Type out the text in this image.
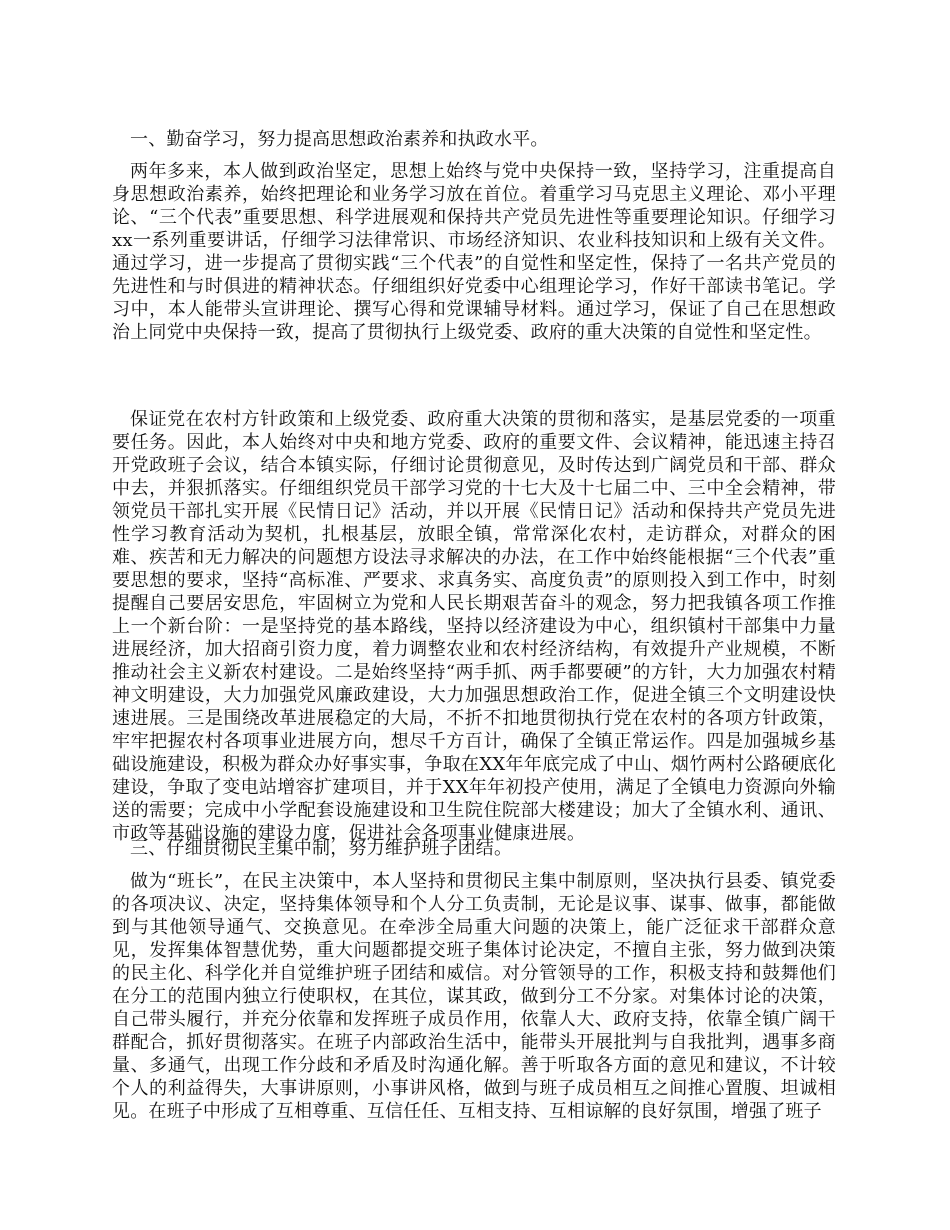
一、勤奋学习，努力提高思想政治素养和执政水平。

两年多来，本人做到政治坚定，思想上始终与党中央保持一致，坚持学习，注重提高自身思想政治素养，始终把理论和业务学习放在首位。着重学习马克思主义理论、邓小平理论、“三个代表”重要思想、科学进展观和保持共产党员先进性等重要理论知识。仔细学习xx一系列重要讲话，仔细学习法律常识、市场经济知识、农业科技知识和上级有关文件。通过学习，进一步提高了贯彻实践“三个代表”的自觉性和坚定性，保持了一名共产党员的先进性和与时俱进的精神状态。仔细组织好党委中心组理论学习，作好干部读书笔记。学习中，本人能带头宣讲理论、撰写心得和党课辅导材料。通过学习，保证了自己在思想政治上同党中央保持一致，提高了贯彻执行上级党委、政府的重大决策的自觉性和坚定性。

保证党在农村方针政策和上级党委、政府重大决策的贯彻和落实，是基层党委的一项重要任务。因此，本人始终对中央和地方党委、政府的重要文件、会议精神，能迅速主持召开党政班子会议，结合本镇实际，仔细讨论贯彻意见，及时传达到广阔党员和干部、群众中去，并狠抓落实。仔细组织党员干部学习党的十七大及十七届二中、三中全会精神，带领党员干部扎实开展《民情日记》活动，并以开展《民情日记》活动和保持共产党员先进性学习教育活动为契机，扎根基层，放眼全镇，常常深化农村，走访群众，对群众的困难、疾苦和无力解决的问题想方设法寻求解决的办法，在工作中始终能根据“三个代表”重要思想的要求，坚持“高标准、严要求、求真务实、高度负责”的原则投入到工作中，时刻提醒自己要居安思危，牢固树立为党和人民长期艰苦奋斗的观念，努力把我镇各项工作推上一个新台阶：一是坚持党的基本路线，坚持以经济建设为中心，组织镇村干部集中力量进展经济，加大招商引资力度，着力调整农业和农村经济结构，有效提升产业规模，不断推动社会主义新农村建设。二是始终坚持“两手抓、两手都要硬”的方针，大力加强农村精神文明建设，大力加强党风廉政建设，大力加强思想政治工作，促进全镇三个文明建设快速进展。三是围绕改革进展稳定的大局，不折不扣地贯彻执行党在农村的各项方针政策，牢牢把握农村各项事业进展方向，想尽千方百计，确保了全镇正常运作。四是加强城乡基础设施建设，积极为群众办好事实事，争取在XX年年底完成了中山、烟竹两村公路硬底化建设，争取了变电站增容扩建项目，并于XX年年初投产使用，满足了全镇电力资源向外输送的需要；完成中小学配套设施建设和卫生院住院部大楼建设；加大了全镇水利、通讯、市政等基础设施的建设力度，促进社会各项事业健康进展。

三、仔细贯彻民主集中制，努力维护班子团结。

做为“班长”，在民主决策中，本人坚持和贯彻民主集中制原则，坚决执行县委、镇党委的各项决议、决定，坚持集体领导和个人分工负责制，无论是议事、谋事、做事，都能做到与其他领导通气、交换意见。在牵涉全局重大问题的决策上，能广泛征求干部群众意见，发挥集体智慧优势，重大问题都提交班子集体讨论决定，不擅自主张，努力做到决策的民主化、科学化并自觉维护班子团结和威信。对分管领导的工作，积极支持和鼓舞他们在分工的范围内独立行使职权，在其位，谋其政，做到分工不分家。对集体讨论的决策，自己带头履行，并充分依靠和发挥班子成员作用，依靠人大、政府支持，依靠全镇广阔干群配合，抓好贯彻落实。在班子内部政治生活中，能带头开展批判与自我批判，遇事多商量、多通气，出现工作分歧和矛盾及时沟通化解。善于听取各方面的意见和建议，不计较个人的利益得失，大事讲原则，小事讲风格，做到与班子成员相互之间推心置腹、坦诚相见。在班子中形成了互相尊重、互信任任、互相支持、互相谅解的良好氛围，增强了班子
